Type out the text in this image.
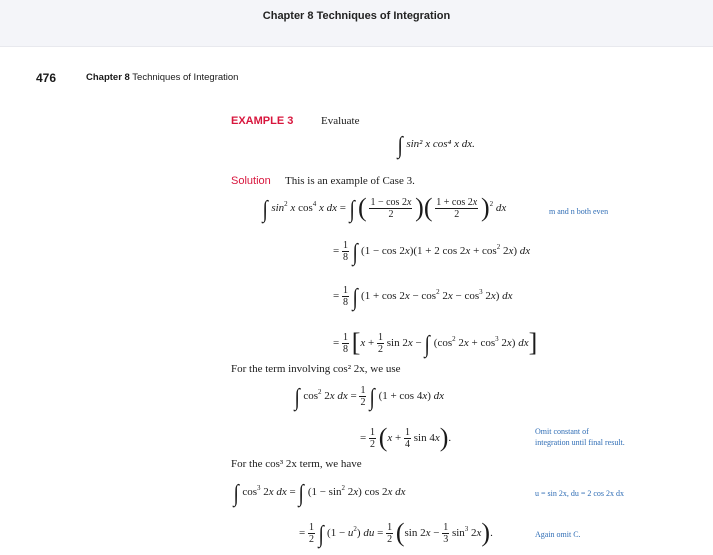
Chapter 8 Techniques of Integration
476	Chapter 8 Techniques of Integration
EXAMPLE 3	Evaluate
∫ sin² x cos⁴ x dx.
Solution This is an example of Case 3.
∫ $\sin^2 x$ $\cos^4 x$ dx = ∫ ( $\frac{1 - \cos 2x}{2}$ )( $\frac{1 + \cos 2x}{2} )^2$ dx	m and n both even
= $\frac{1}{8}$ ∫ (1 − cos 2x)(1 + 2 $\cos 2x + \cos^2 2x$) dx
= $\frac{1}{8}$ ∫ $(1 + \cos 2x - \cos^2 2x - \cos^3 2x)$ dx
= $\frac{1}{8} [x + \frac{1}{2}$ sin 2x − ∫ ($\cos^2$ $2x + \cos^3 2x$) dx]
For the term involving cos² 2x, we use
∫ $\cos^2 2x$ dx = $\frac{1}{2}$ ∫ (1 + cos 4x) dx
= $\frac{1}{2} (x + \frac{1}{4}$ sin 4x).
Omit constant of
integration until final result.
For the cos³ 2x term, we have
∫ $\cos^3 2x$ dx = ∫ $(1 - \sin^2 2x)$ cos 2x dx	u = sin 2x, du = 2 cos 2x dx
= $\frac{1}{2}$ ∫ $(1 - u^2)$ du = $\frac{1}{2} (\sin$ $2x - \frac{1}{3} \sin^3 2x$).	Again omit C.
